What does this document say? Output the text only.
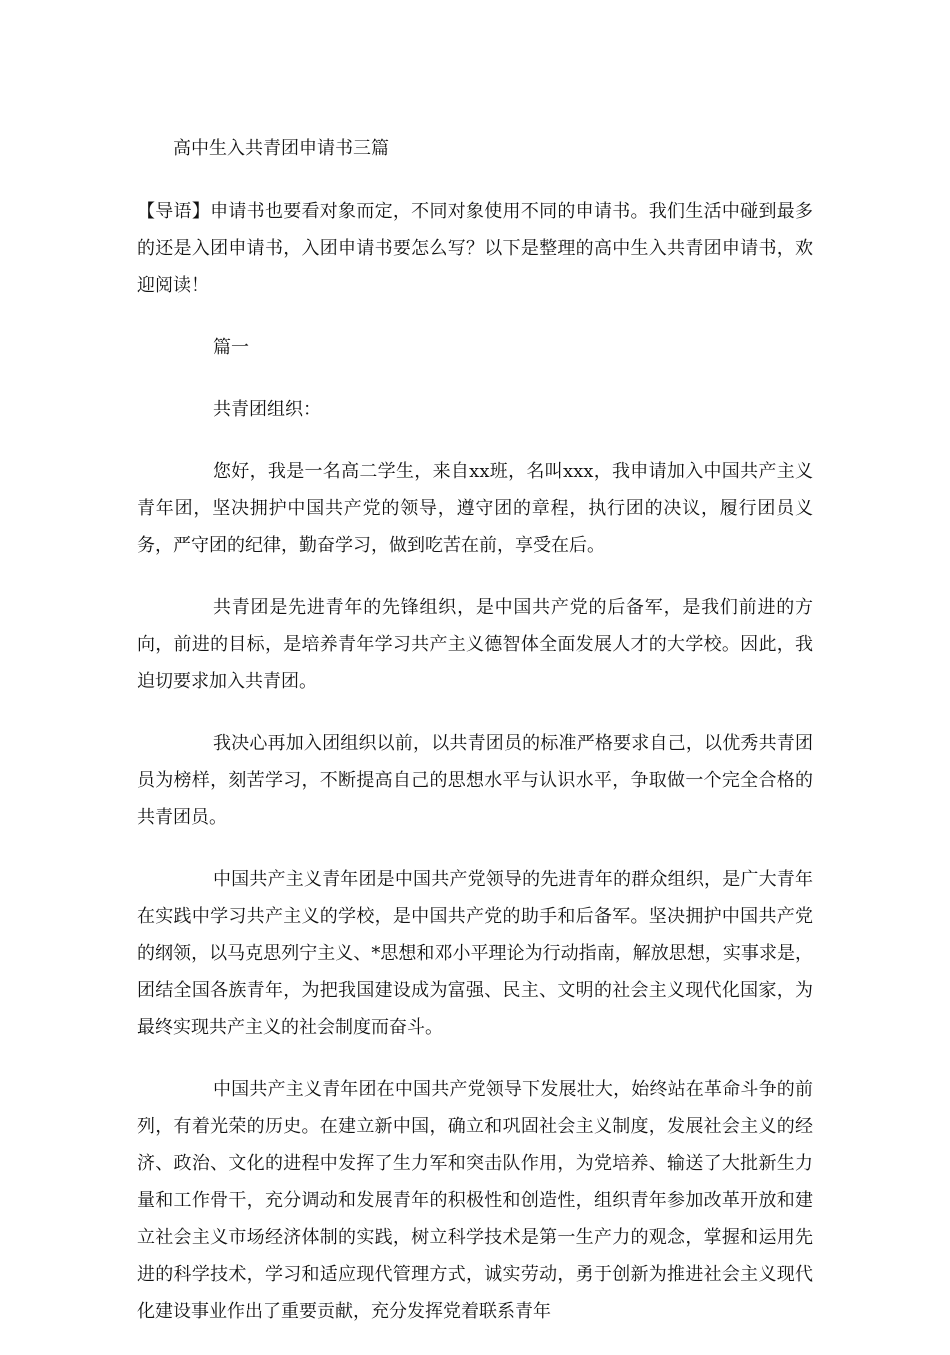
高中生入共青团申请书三篇

【导语】申请书也要看对象而定，不同对象使用不同的申请书。我们生活中碰到最多的还是入团申请书，入团申请书要怎么写？以下是整理的高中生入共青团申请书，欢迎阅读！

篇一

共青团组织：

您好，我是一名高二学生，来自xx班，名叫xxx，我申请加入中国共产主义青年团，坚决拥护中国共产党的领导，遵守团的章程，执行团的决议，履行团员义务，严守团的纪律，勤奋学习，做到吃苦在前，享受在后。

共青团是先进青年的先锋组织，是中国共产党的后备军，是我们前进的方向，前进的目标，是培养青年学习共产主义德智体全面发展人才的大学校。因此，我迫切要求加入共青团。

我决心再加入团组织以前，以共青团员的标准严格要求自己，以优秀共青团员为榜样，刻苦学习，不断提高自己的思想水平与认识水平，争取做一个完全合格的共青团员。

中国共产主义青年团是中国共产党领导的先进青年的群众组织，是广大青年在实践中学习共产主义的学校，是中国共产党的助手和后备军。坚决拥护中国共产党的纲领，以马克思列宁主义、*思想和邓小平理论为行动指南，解放思想，实事求是，团结全国各族青年，为把我国建设成为富强、民主、文明的社会主义现代化国家，为最终实现共产主义的社会制度而奋斗。

中国共产主义青年团在中国共产党领导下发展壮大，始终站在革命斗争的前列，有着光荣的历史。在建立新中国，确立和巩固社会主义制度，发展社会主义的经济、政治、文化的进程中发挥了生力军和突击队作用，为党培养、输送了大批新生力量和工作骨干，充分调动和发展青年的积极性和创造性，组织青年参加改革开放和建立社会主义市场经济体制的实践，树立科学技术是第一生产力的观念，掌握和运用先进的科学技术，学习和适应现代管理方式，诚实劳动，勇于创新为推进社会主义现代化建设事业作出了重要贡献，充分发挥党着联系青年
